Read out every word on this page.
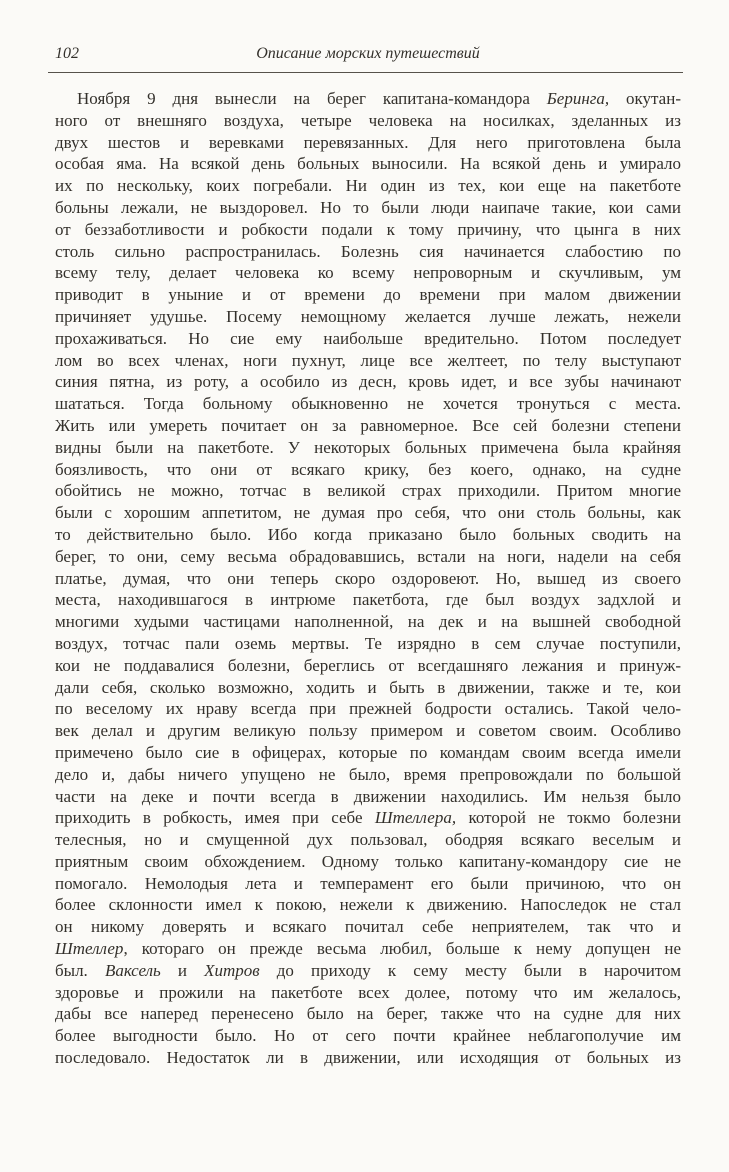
102	Описание морских путешествий
Ноября 9 дня вынесли на берег капитана-командора Беринга, окутан-
ного от внешняго воздуха, четыре человека на носилках, зделанных из
двух шестов и веревками перевязанных. Для него приготовлена была
особая яма. На всякой день больных выносили. На всякой день и умирало
их по нескольку, коих погребали. Ни один из тех, кои еще на пакетботе
больны лежали, не выздоровел. Но то были люди наипаче такие, кои сами
от беззаботливости и робкости подали к тому причину, что цынга в них
столь сильно распространилась. Болезнь сия начинается слабостию по
всему телу, делает человека ко всему непроворным и скучливым, ум
приводит в уныние и от времени до времени при малом движении
причиняет удушье. Посему немощному желается лучше лежать, нежели
прохаживаться. Но сие ему наибольше вредительно. Потом последует
лом во всех членах, ноги пухнут, лице все желтеет, по телу выступают
синия пятна, из роту, а особило из десн, кровь идет, и все зубы начинают
шататься. Тогда больному обыкновенно не хочется тронуться с места.
Жить или умереть почитает он за равномерное. Все сей болезни степени
видны были на пакетботе. У некоторых больных примечена была крайняя
боязливость, что они от всякаго крику, без коего, однако, на судне
обойтись не можно, тотчас в великой страх приходили. Притом многие
были с хорошим аппетитом, не думая про себя, что они столь больны, как
то действительно было. Ибо когда приказано было больных сводить на
берег, то они, сему весьма обрадовавшись, встали на ноги, надели на себя
платье, думая, что они теперь скоро оздоровеют. Но, вышед из своего
места, находившагося в интрюме пакетбота, где был воздух задхлой и
многими худыми частицами наполненной, на дек и на вышней свободной
воздух, тотчас пали оземь мертвы. Те изрядно в сем случае поступили,
кои не поддавалися болезни, береглись от всегдашняго лежания и принуж-
дали себя, сколько возможно, ходить и быть в движении, также и те, кои
по веселому их нраву всегда при прежней бодрости остались. Такой чело-
век делал и другим великую пользу примером и советом своим. Особливо
примечено было сие в офицерах, которые по командам своим всегда имели
дело и, дабы ничего упущено не было, время препровождали по большой
части на деке и почти всегда в движении находились. Им нельзя было
приходить в робкость, имея при себе Штеллера, которой не токмо болезни
телесныя, но и смущенной дух пользовал, ободряя всякаго веселым и
приятным своим обхождением. Одному только капитану-командору сие не
помогало. Немолодыя лета и темперамент его были причиною, что он
более склонности имел к покою, нежели к движению. Напоследок не стал
он никому доверять и всякаго почитал себе неприятелем, так что и
Штеллер, котораго он прежде весьма любил, больше к нему допущен не
был. Ваксель и Хитров до приходу к сему месту были в нарочитом
здоровье и прожили на пакетботе всех долее, потому что им желалось,
дабы все наперед перенесено было на берег, также что на судне для них
более выгодности было. Но от сего почти крайнее неблагополучие им
последовало. Недостаток ли в движении, или исходящия от больных из
